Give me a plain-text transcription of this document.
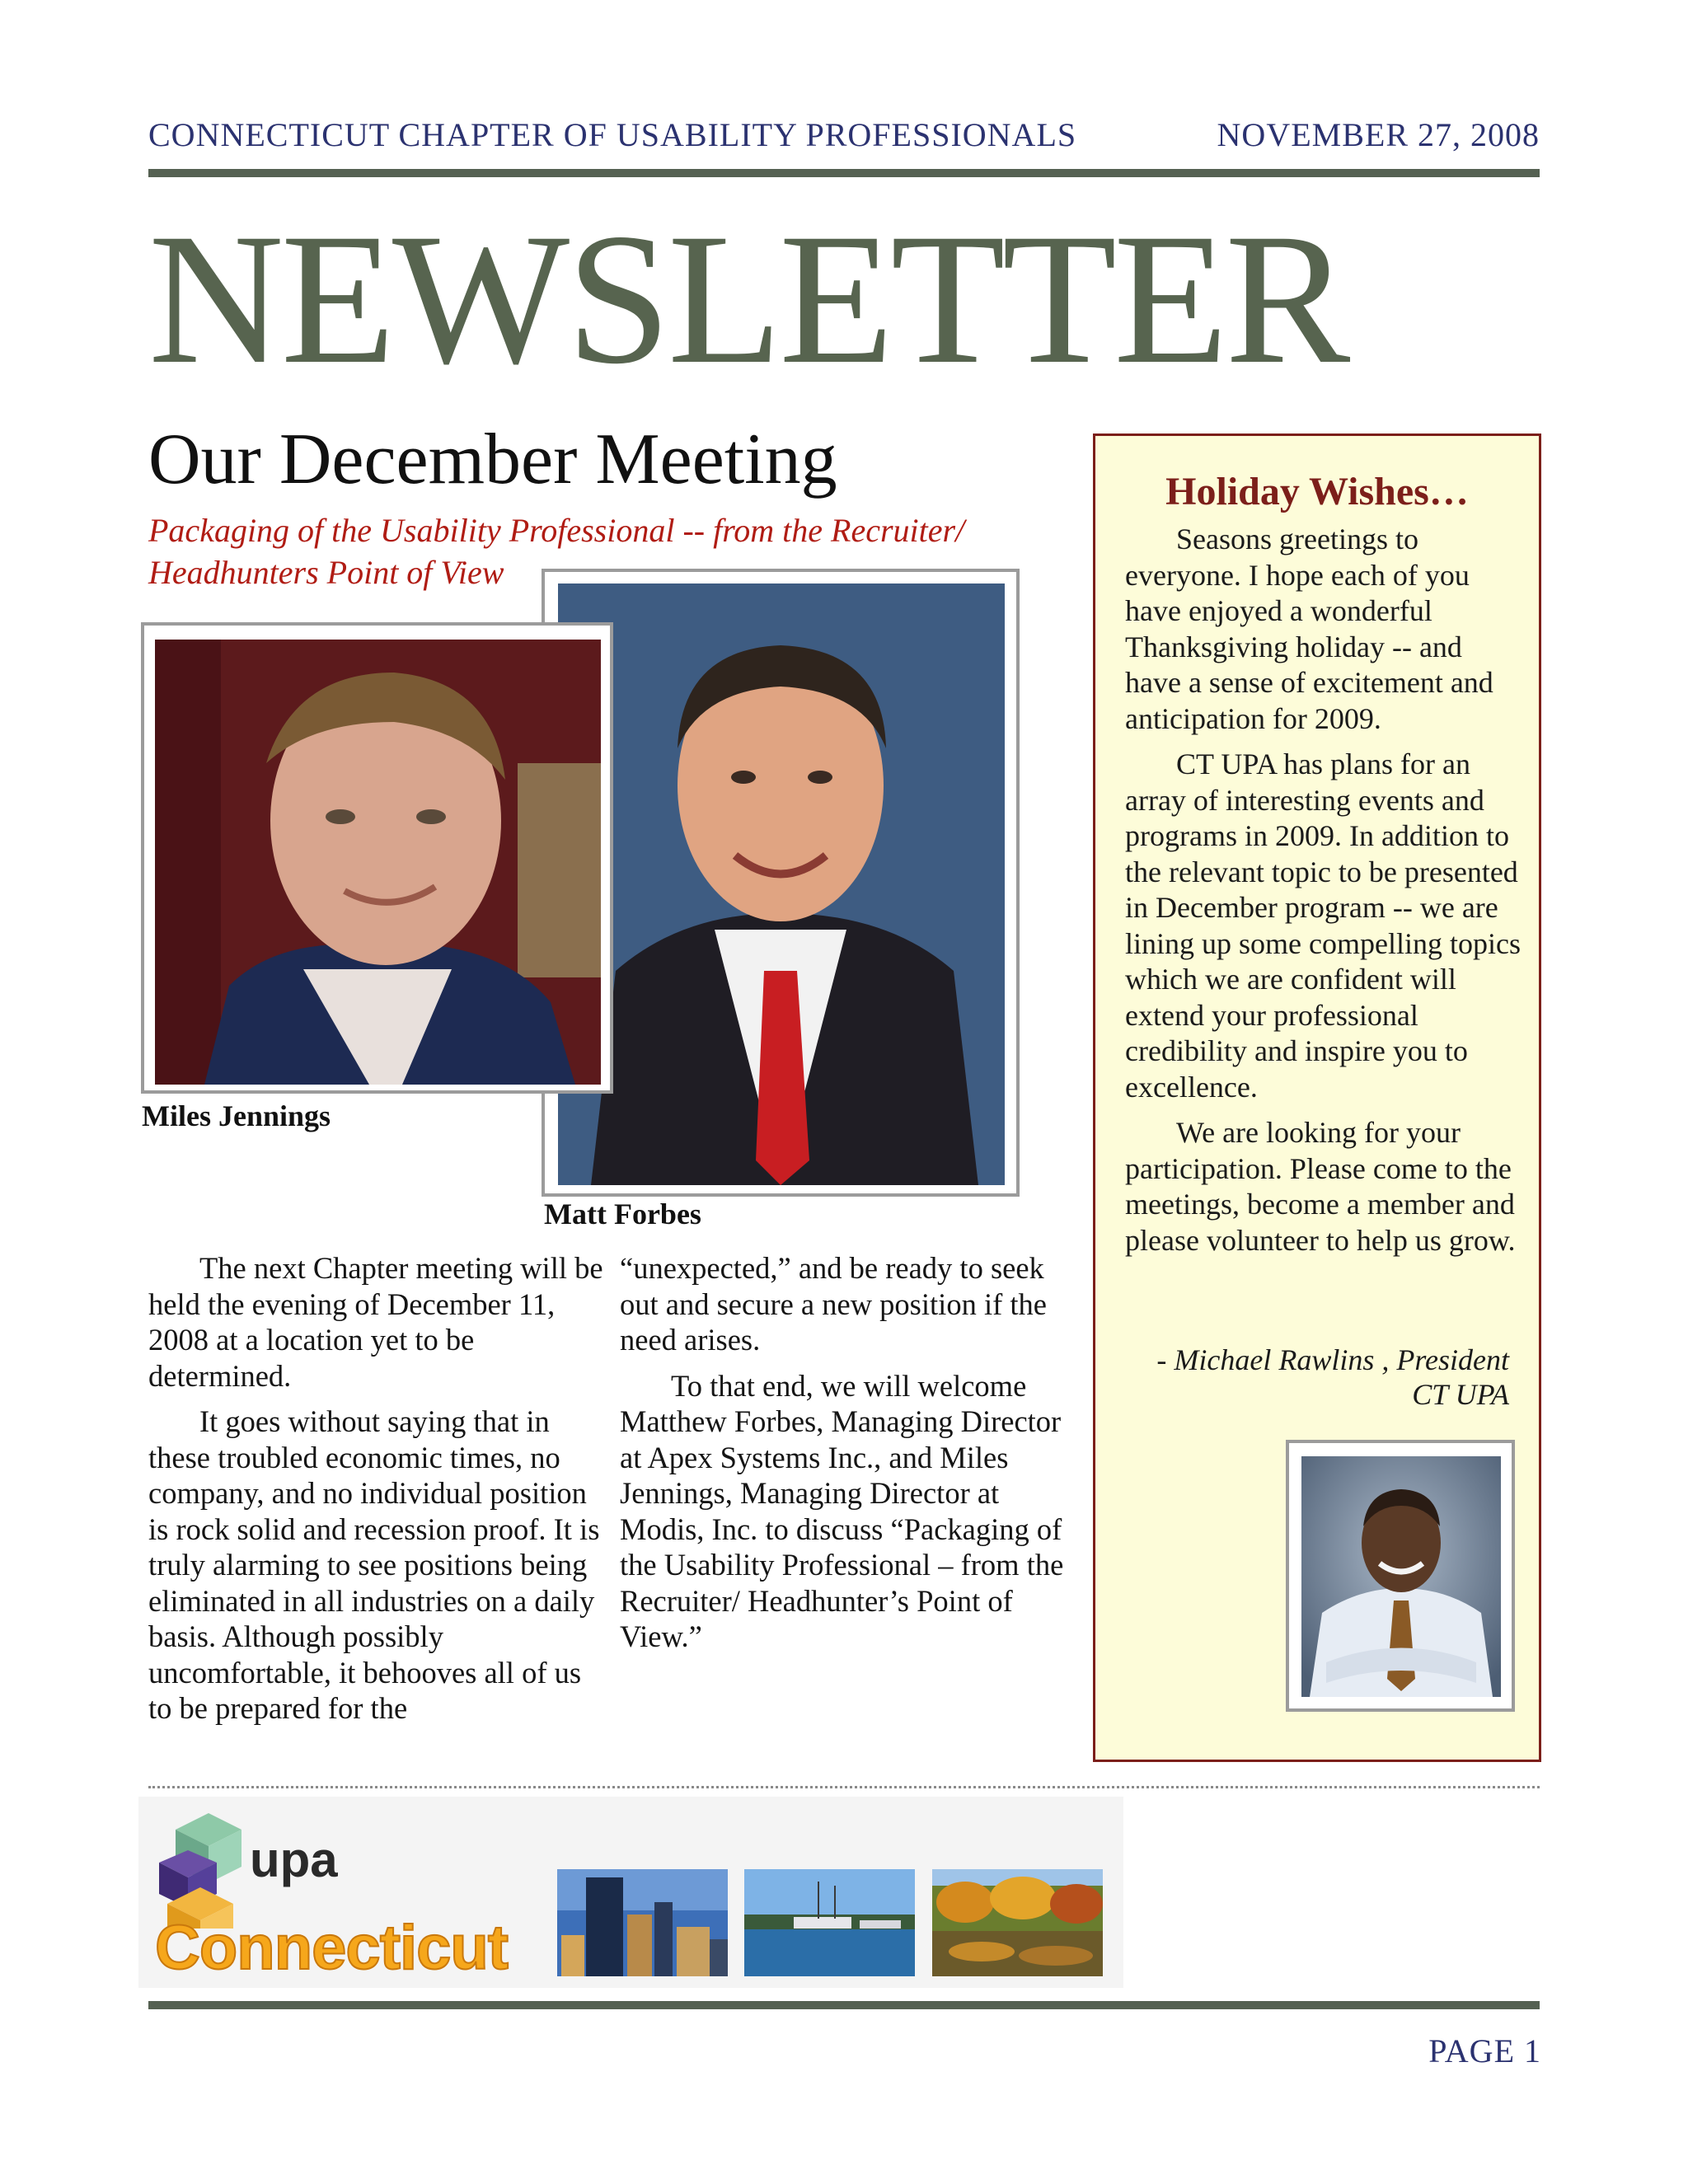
CONNECTICUT CHAPTER OF USABILITY PROFESSIONALS	NOVEMBER 27, 2008
NEWSLETTER
Our December Meeting
Packaging of the Usability Professional -- from the Recruiter/ Headhunters Point of View
Miles Jennings
Matt Forbes

The next Chapter meeting will be held the evening of December 11, 2008 at a location yet to be determined.

It goes without saying that in these troubled economic times, no company, and no individual position is rock solid and recession proof. It is truly alarming to see positions being eliminated in all industries on a daily basis. Although possibly uncomfortable, it behooves all of us to be prepared for the

“unexpected,” and be ready to seek out and secure a new position if the need arises.

To that end, we will welcome Matthew Forbes, Managing Director at Apex Systems Inc., and Miles Jennings, Managing Director at Modis, Inc. to discuss “Packaging of the Usability Professional – from the Recruiter/ Headhunter’s Point of View.”

Holiday Wishes…

Seasons greetings to everyone. I hope each of you have enjoyed a wonderful Thanksgiving holiday -- and have a sense of excitement and anticipation for 2009.

CT UPA has plans for an array of interesting events and programs in 2009. In addition to the relevant topic to be presented in December program -- we are lining up some compelling topics which we are confident will extend your professional credibility and inspire you to excellence.

We are looking for your participation. Please come to the meetings, become a member and please volunteer to help us grow.

- Michael Rawlins , President
CT UPA
upa
Connecticut
PAGE 1
